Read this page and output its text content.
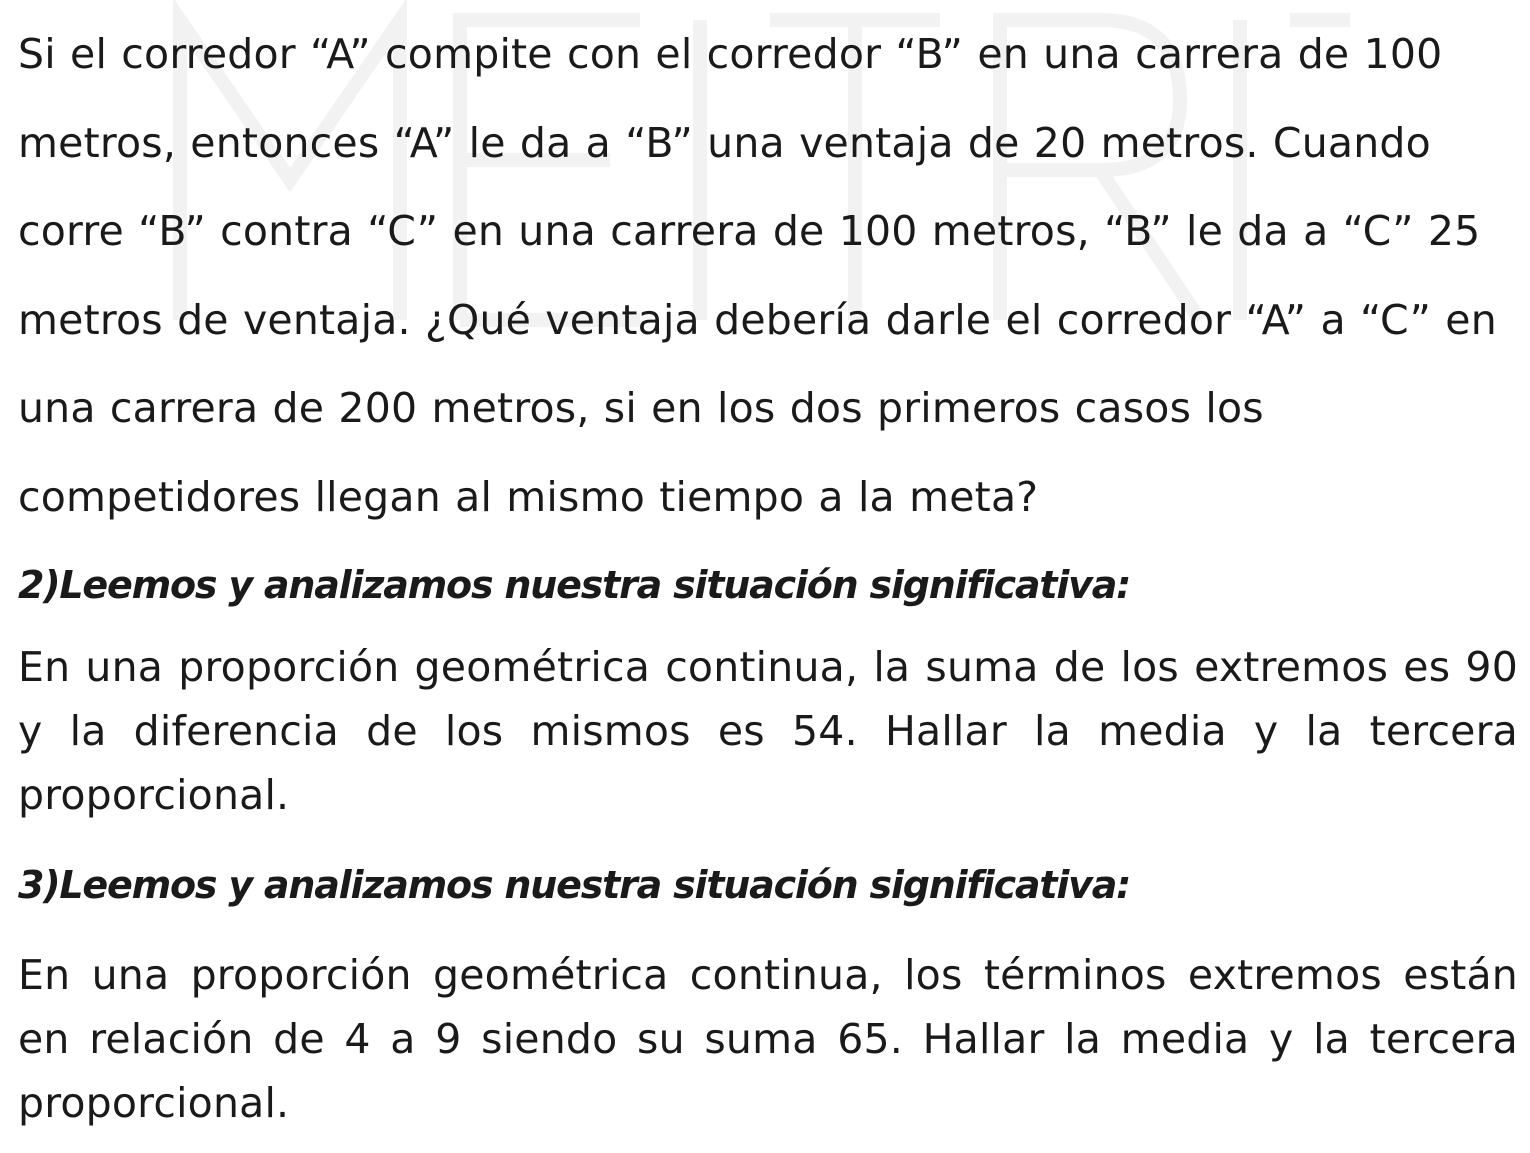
Si el corredor “A” compite con el corredor “B” en una carrera de 100 metros, entonces “A” le da a “B” una ventaja de 20 metros. Cuando corre “B” contra “C” en una carrera de 100 metros, “B” le da a “C” 25 metros de ventaja. ¿Qué ventaja debería darle el corredor “A” a “C” en una carrera de 200 metros, si en los dos primeros casos los competidores llegan al mismo tiempo a la meta?

2)Leemos y analizamos nuestra situación significativa:

En una proporción geométrica continua, la suma de los extremos es 90 y la diferencia de los mismos es 54. Hallar la media y la tercera proporcional.

3)Leemos y analizamos nuestra situación significativa:

En una proporción geométrica continua, los términos extremos están en relación de 4 a 9 siendo su suma 65. Hallar la media y la tercera proporcional.
